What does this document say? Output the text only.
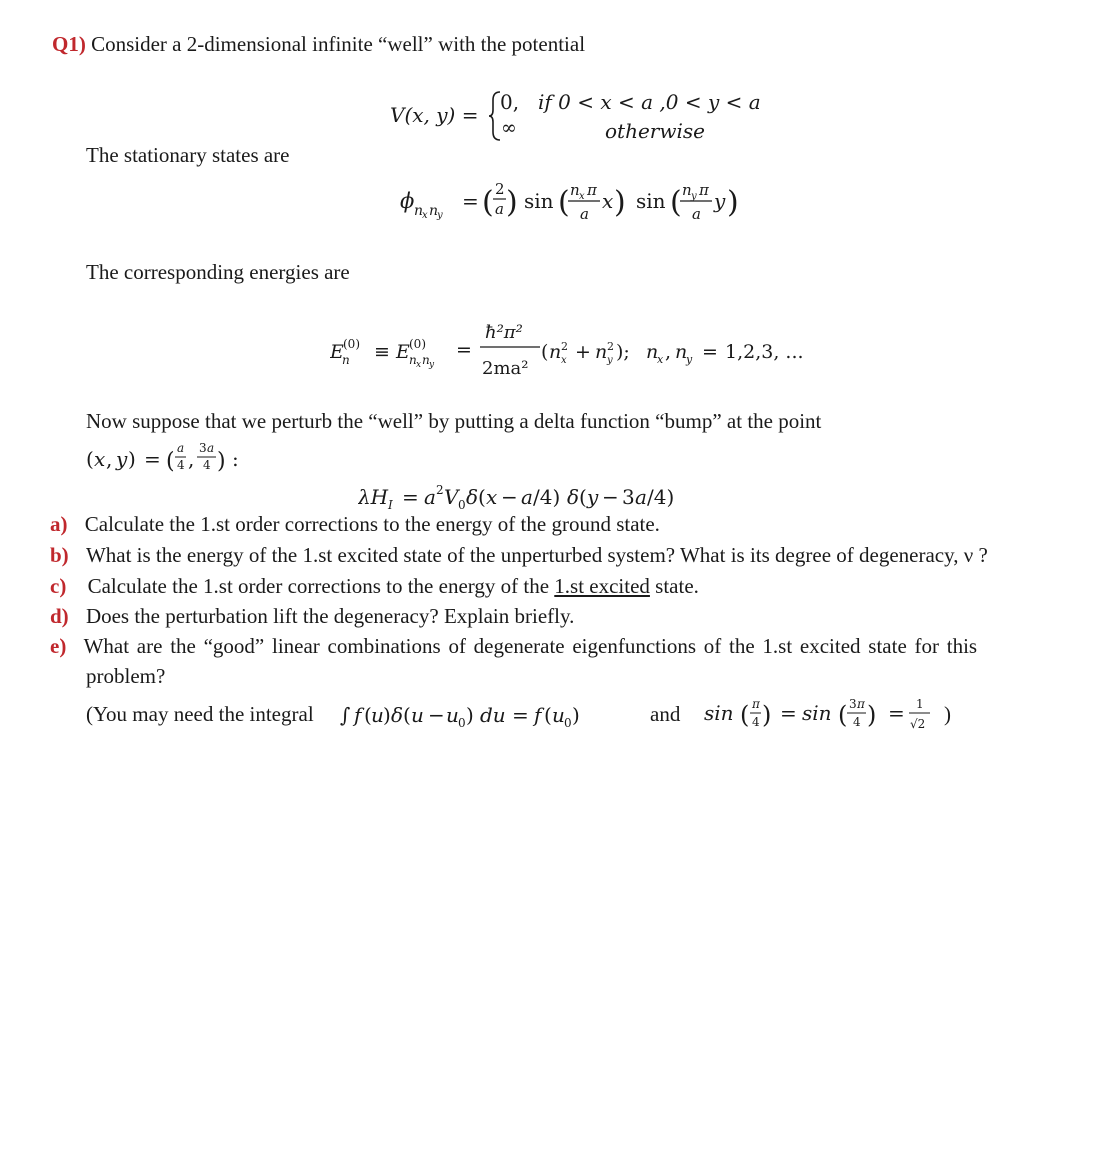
Q1) Consider a 2-dimensional infinite “well” with the potential
V(x, y) =
0, if 0 < x < a ,0 < y < a
∞	otherwise
The stationary states are
ϕ n
x n
y
= ( 2
a ) sin ( n x π
a
x ) sin ( n y π
a
y )
The corresponding energies are
E (0)
n ≡ E (0)
n x n y
=
ħ²π²
2ma²
( n 2
x + n 2
y ); n
x , n
y = 1,2,3, ...
Now suppose that we perturb the “well” by putting a delta function “bump” at the point
( x , y ) = (
a
4 , 3 a
4 ) :
λH I = a 2 V 0 δ ( x − a /4) δ ( y − 3 a /4)
a) Calculate the 1.st order corrections to the energy of the ground state.
b) What is the energy of the 1.st excited state of the unperturbed system? What is its degree of degeneracy, ν ?
c) Calculate the 1.st order corrections to the energy of the 1.st excited state.
d) Does the perturbation lift the degeneracy? Explain briefly.
e) What are the “good” linear combinations of degenerate eigenfunctions of the 1.st excited state for this
problem?
(You may need the integral ∫ f ( u ) δ ( u − u 0 ) du = f ( u 0 )	and sin ( π
4 ) = sin ( 3 π
4 ) = 1
√2 )
